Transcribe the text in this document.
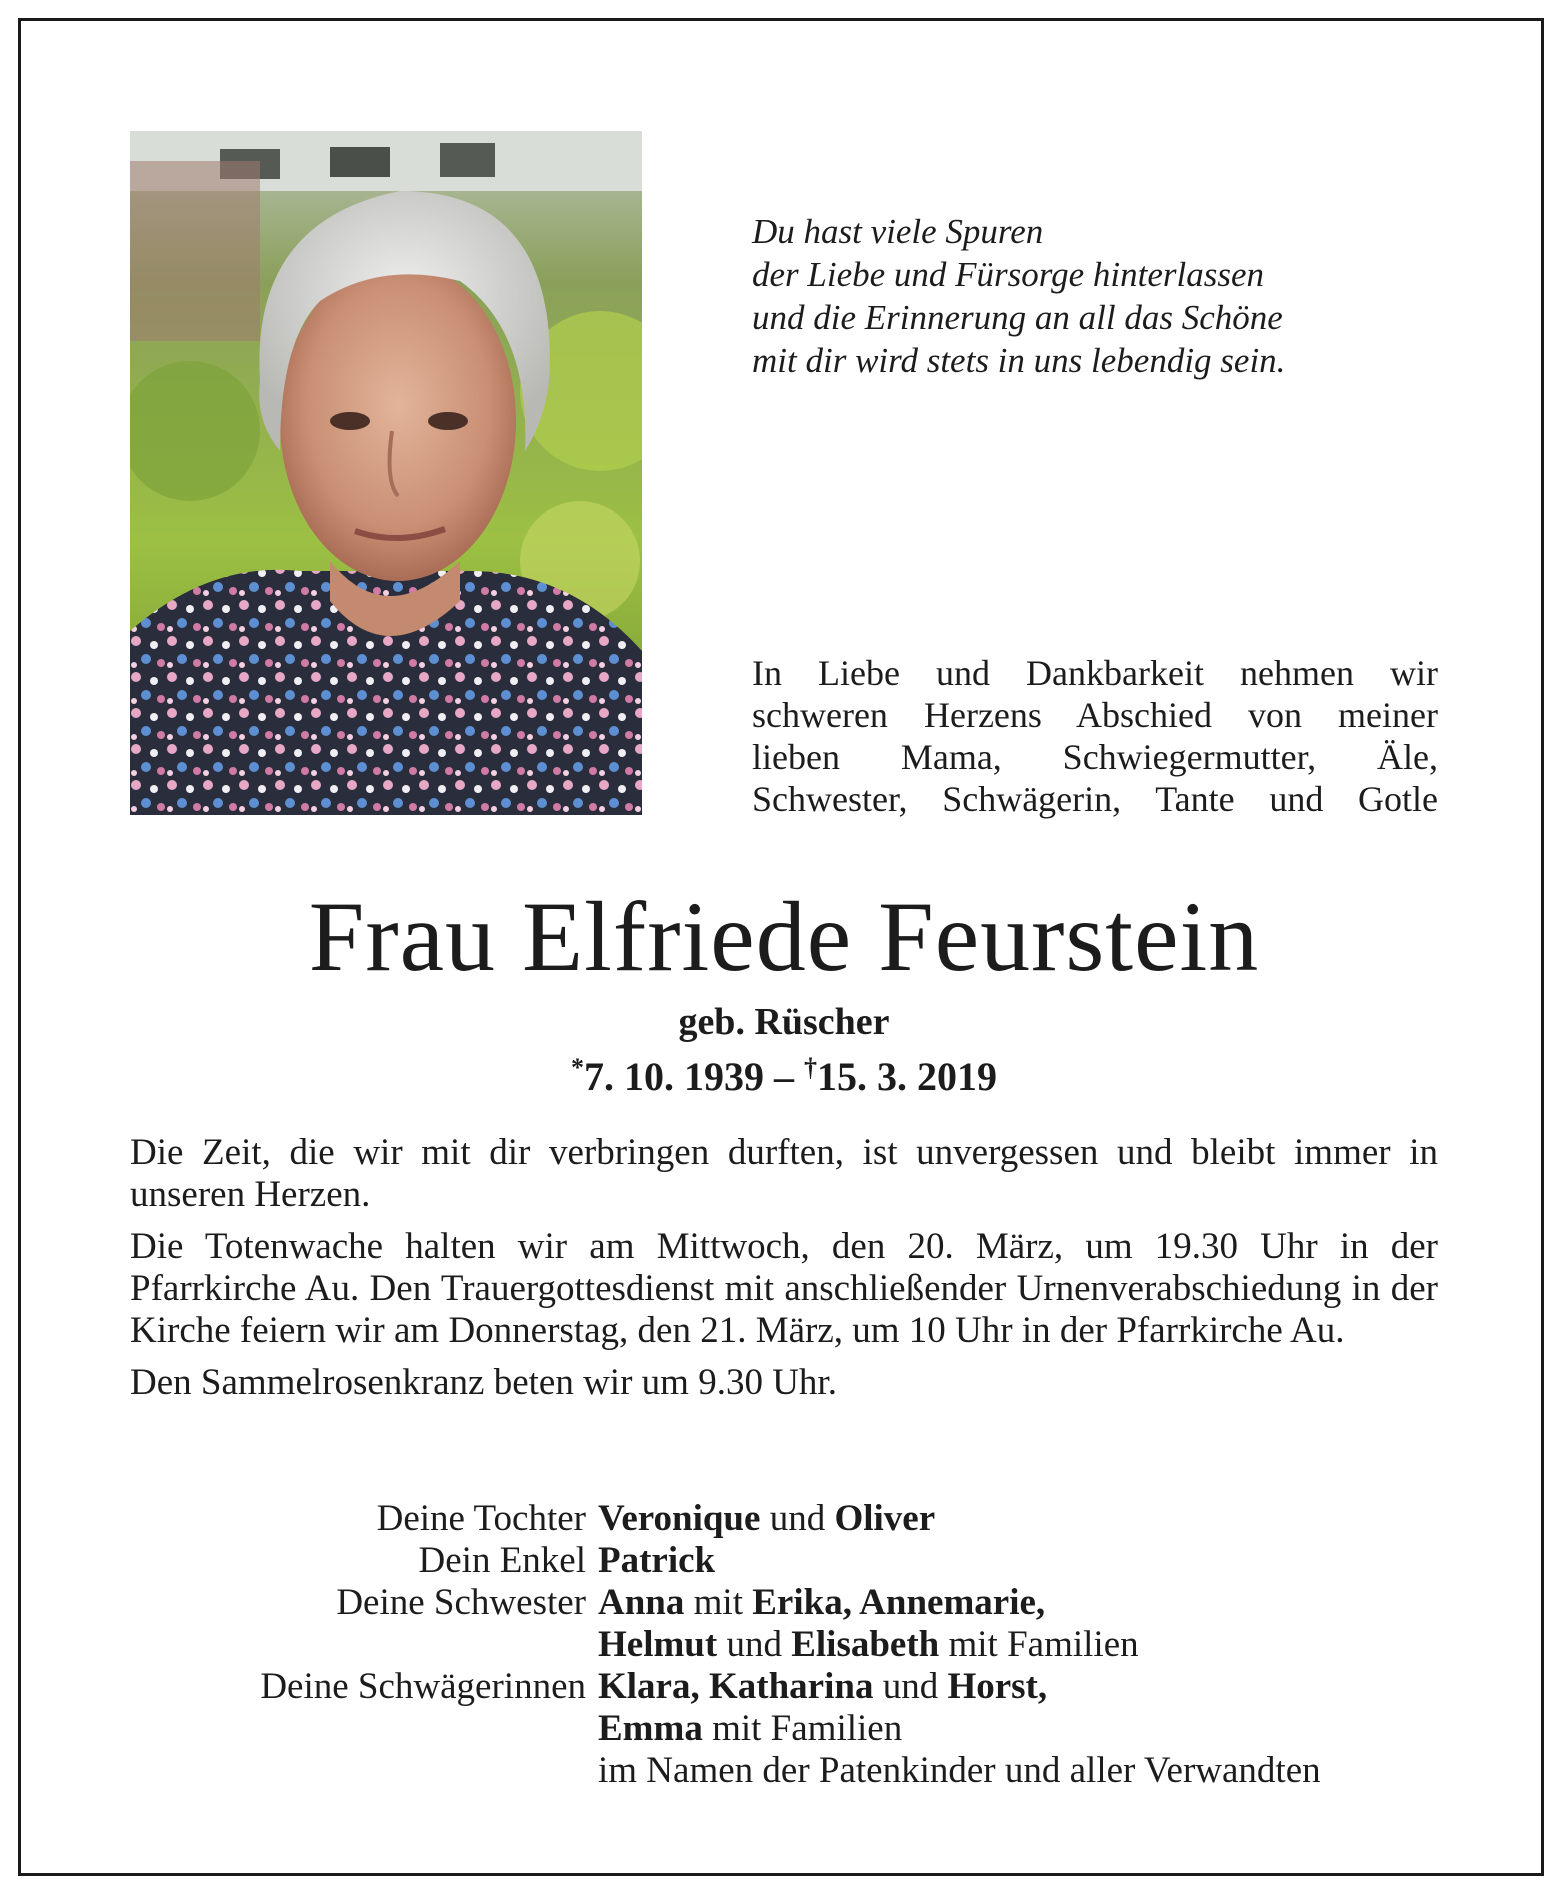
Du hast viele Spuren
der Liebe und Fürsorge hinterlassen
und die Erinnerung an all das Schöne
mit dir wird stets in uns lebendig sein.
In Liebe und Dankbarkeit nehmen wir
schweren Herzens Abschied von meiner
lieben Mama, Schwiegermutter, Äle,
Schwester, Schwägerin, Tante und Gotle
Frau Elfriede Feurstein
geb. Rüscher
*7. 10. 1939 – †15. 3. 2019

Die Zeit, die wir mit dir verbringen durften, ist unvergessen und bleibt immer in unseren Herzen.

Die Totenwache halten wir am Mittwoch, den 20. März, um 19.30 Uhr in der Pfarrkirche Au. Den Trauergottesdienst mit anschließender Urnenverabschiedung in der Kirche feiern wir am Donnerstag, den 21. März, um 10 Uhr in der Pfarrkirche Au.

Den Sammelrosenkranz beten wir um 9.30 Uhr.

Deine Tochter Veronique und Oliver
Dein Enkel Patrick
Deine Schwester Anna mit Erika, Annemarie,
Helmut und Elisabeth mit Familien
Deine Schwägerinnen Klara, Katharina und Horst,
Emma mit Familien
im Namen der Patenkinder und aller Verwandten
